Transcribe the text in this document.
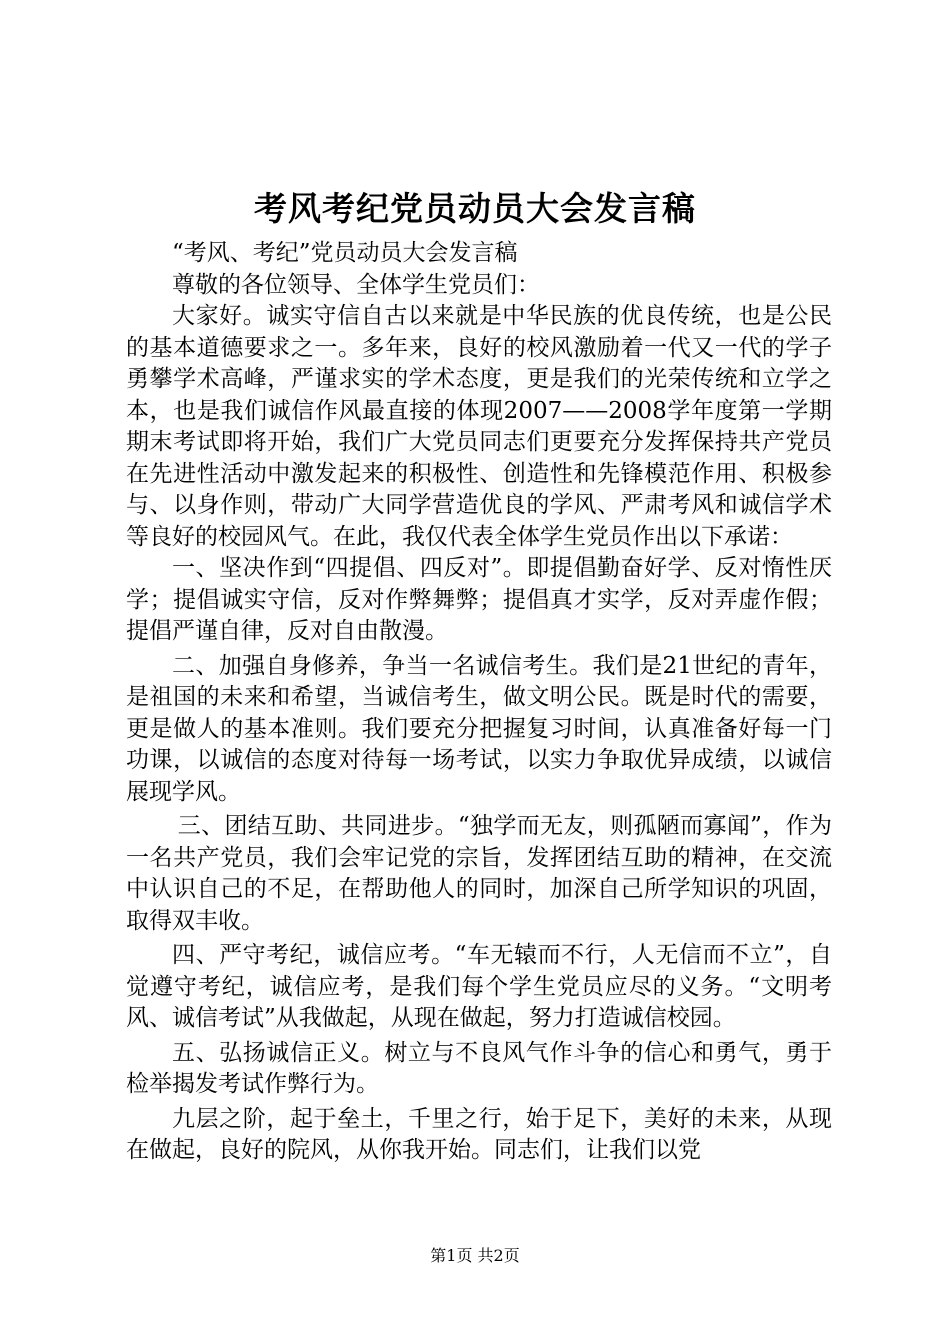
考风考纪党员动员大会发言稿

“考风、考纪”党员动员大会发言稿

尊敬的各位领导、全体学生党员们：

大家好。诚实守信自古以来就是中华民族的优良传统，也是公民的基本道德要求之一。多年来，良好的校风激励着一代又一代的学子勇攀学术高峰，严谨求实的学术态度，更是我们的光荣传统和立学之本，也是我们诚信作风最直接的体现2007——2008学年度第一学期期末考试即将开始，我们广大党员同志们更要充分发挥保持共产党员在先进性活动中激发起来的积极性、创造性和先锋模范作用、积极参与、以身作则，带动广大同学营造优良的学风、严肃考风和诚信学术等良好的校园风气。在此，我仅代表全体学生党员作出以下承诺：

一、坚决作到“四提倡、四反对”。即提倡勤奋好学、反对惰性厌学；提倡诚实守信，反对作弊舞弊；提倡真才实学，反对弄虚作假；提倡严谨自律，反对自由散漫。

二、加强自身修养，争当一名诚信考生。我们是21世纪的青年，是祖国的未来和希望，当诚信考生，做文明公民。既是时代的需要，更是做人的基本准则。我们要充分把握复习时间，认真准备好每一门功课，以诚信的态度对待每一场考试，以实力争取优异成绩，以诚信展现学风。

三、团结互助、共同进步。“独学而无友，则孤陋而寡闻”，作为一名共产党员，我们会牢记党的宗旨，发挥团结互助的精神，在交流中认识自己的不足，在帮助他人的同时，加深自己所学知识的巩固，取得双丰收。

四、严守考纪，诚信应考。“车无辕而不行，人无信而不立”，自觉遵守考纪，诚信应考，是我们每个学生党员应尽的义务。“文明考风、诚信考试”从我做起，从现在做起，努力打造诚信校园。

五、弘扬诚信正义。树立与不良风气作斗争的信心和勇气，勇于检举揭发考试作弊行为。

九层之阶，起于垒土，千里之行，始于足下，美好的未来，从现在做起，良好的院风，从你我开始。同志们，让我们以党

第1页 共2页
